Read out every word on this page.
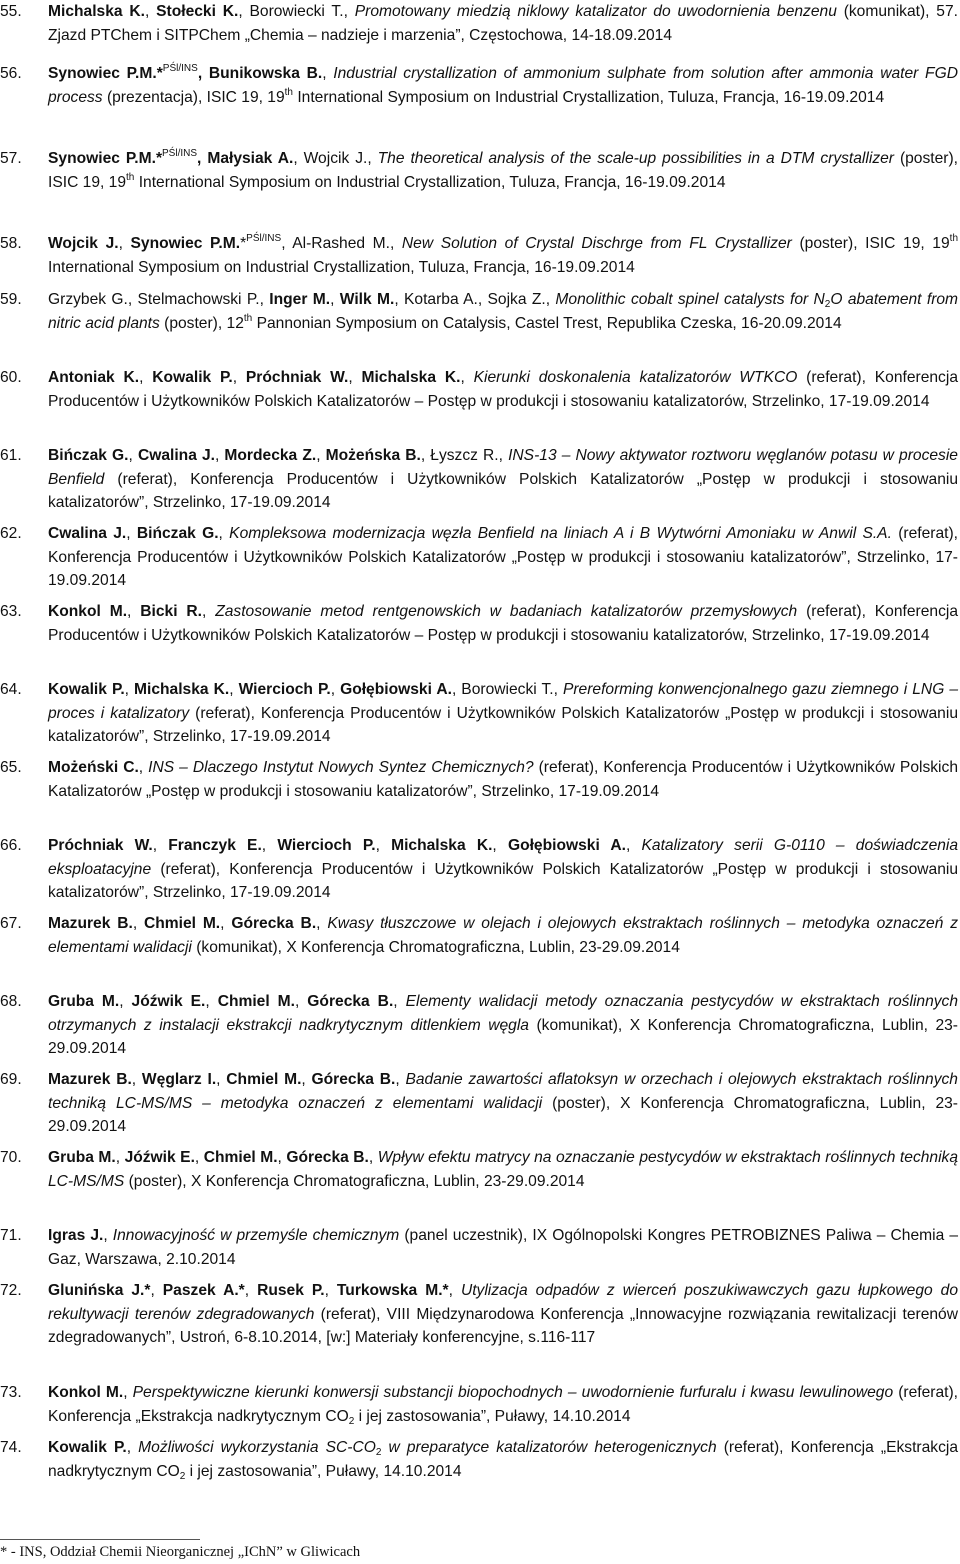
55.	Michalska K., Stołecki K., Borowiecki T., Promotowany miedzią niklowy katalizator do uwodornienia benzenu (komunikat), 57. Zjazd PTChem i SITPChem „Chemia – nadzieje i marzenia”, Częstochowa, 14-18.09.2014
56.	Synowiec P.M.*$^{PŚl/INS}$, Bunikowska B., Industrial crystallization of ammonium sulphate from solution after ammonia water FGD process (prezentacja), ISIC 19, 19th International Symposium on Industrial Crystallization, Tuluza, Francja, 16-19.09.2014
57.	Synowiec P.M.*$^{PŚl/INS}$, Małysiak A., Wojcik J., The theoretical analysis of the scale-up possibilities in a DTM crystallizer (poster), ISIC 19, 19th International Symposium on Industrial Crystallization, Tuluza, Francja, 16-19.09.2014
58.	Wojcik J., Synowiec P.M.*$^{PŚl/INS}$, Al-Rashed M., New Solution of Crystal Dischrge from FL Crystallizer (poster), ISIC 19, 19th International Symposium on Industrial Crystallization, Tuluza, Francja, 16-19.09.2014
59.	Grzybek G., Stelmachowski P., Inger M., Wilk M., Kotarba A., Sojka Z., Monolithic cobalt spinel catalysts for $N_2O$ abatement from nitric acid plants (poster), 12th Pannonian Symposium on Catalysis, Castel Trest, Republika Czeska, 16-20.09.2014
60.	Antoniak K., Kowalik P., Próchniak W., Michalska K., Kierunki doskonalenia katalizatorów WTKCO (referat), Konferencja Producentów i Użytkowników Polskich Katalizatorów – Postęp w produkcji i stosowaniu katalizatorów, Strzelinko, 17-19.09.2014
61.	Bińczak G., Cwalina J., Mordecka Z., Możeńska B., Łyszcz R., INS-13 – Nowy aktywator roztworu węglanów potasu w procesie Benfield (referat), Konferencja Producentów i Użytkowników Polskich Katalizatorów „Postęp w produkcji i stosowaniu katalizatorów”, Strzelinko, 17-19.09.2014
62.	Cwalina J., Bińczak G., Kompleksowa modernizacja węzła Benfield na liniach A i B Wytwórni Amoniaku w Anwil S.A. (referat), Konferencja Producentów i Użytkowników Polskich Katalizatorów „Postęp w produkcji i stosowaniu katalizatorów”, Strzelinko, 17-19.09.2014
63.	Konkol M., Bicki R., Zastosowanie metod rentgenowskich w badaniach katalizatorów przemysłowych (referat), Konferencja Producentów i Użytkowników Polskich Katalizatorów – Postęp w produkcji i stosowaniu katalizatorów, Strzelinko, 17-19.09.2014
64.	Kowalik P., Michalska K., Wiercioch P., Gołębiowski A., Borowiecki T., Prereforming konwencjonalnego gazu ziemnego i LNG – proces i katalizatory (referat), Konferencja Producentów i Użytkowników Polskich Katalizatorów „Postęp w produkcji i stosowaniu katalizatorów”, Strzelinko, 17-19.09.2014
65.	Możeński C., INS – Dlaczego Instytut Nowych Syntez Chemicznych? (referat), Konferencja Producentów i Użytkowników Polskich Katalizatorów „Postęp w produkcji i stosowaniu katalizatorów”, Strzelinko, 17-19.09.2014
66.	Próchniak W., Franczyk E., Wiercioch P., Michalska K., Gołębiowski A., Katalizatory serii G-0110 – doświadczenia eksploatacyjne (referat), Konferencja Producentów i Użytkowników Polskich Katalizatorów „Postęp w produkcji i stosowaniu katalizatorów”, Strzelinko, 17-19.09.2014
67.	Mazurek B., Chmiel M., Górecka B., Kwasy tłuszczowe w olejach i olejowych ekstraktach roślinnych – metodyka oznaczeń z elementami walidacji (komunikat), X Konferencja Chromatograficzna, Lublin, 23-29.09.2014
68.	Gruba M., Jóźwik E., Chmiel M., Górecka B., Elementy walidacji metody oznaczania pestycydów w ekstraktach roślinnych otrzymanych z instalacji ekstrakcji nadkrytycznym ditlenkiem węgla (komunikat), X Konferencja Chromatograficzna, Lublin, 23-29.09.2014
69.	Mazurek B., Węglarz I., Chmiel M., Górecka B., Badanie zawartości aflatoksyn w orzechach i olejowych ekstraktach roślinnych techniką LC-MS/MS – metodyka oznaczeń z elementami walidacji (poster), X Konferencja Chromatograficzna, Lublin, 23-29.09.2014
70.	Gruba M., Jóźwik E., Chmiel M., Górecka B., Wpływ efektu matrycy na oznaczanie pestycydów w ekstraktach roślinnych techniką LC-MS/MS (poster), X Konferencja Chromatograficzna, Lublin, 23-29.09.2014
71.	Igras J., Innowacyjność w przemyśle chemicznym (panel uczestnik), IX Ogólnopolski Kongres PETROBIZNES Paliwa – Chemia – Gaz, Warszawa, 2.10.2014
72.	Glunińska J.*, Paszek A.*, Rusek P., Turkowska M.*, Utylizacja odpadów z wierceń poszukiwawczych gazu łupkowego do rekultywacji terenów zdegradowanych (referat), VIII Międzynarodowa Konferencja „Innowacyjne rozwiązania rewitalizacji terenów zdegradowanych”, Ustroń, 6-8.10.2014, [w:] Materiały konferencyjne, s.116-117
73.	Konkol M., Perspektywiczne kierunki konwersji substancji biopochodnych – uwodornienie furfuralu i kwasu lewulinowego (referat), Konferencja „Ekstrakcja nadkrytycznym $CO_2$ i jej zastosowania”, Puławy, 14.10.2014
74.	Kowalik P., Możliwości wykorzystania $SC-CO_2$ w preparatyce katalizatorów heterogenicznych (referat), Konferencja „Ekstrakcja nadkrytycznym $CO_2$ i jej zastosowania”, Puławy, 14.10.2014
* - INS, Oddział Chemii Nieorganicznej „IChN” w Gliwicach
